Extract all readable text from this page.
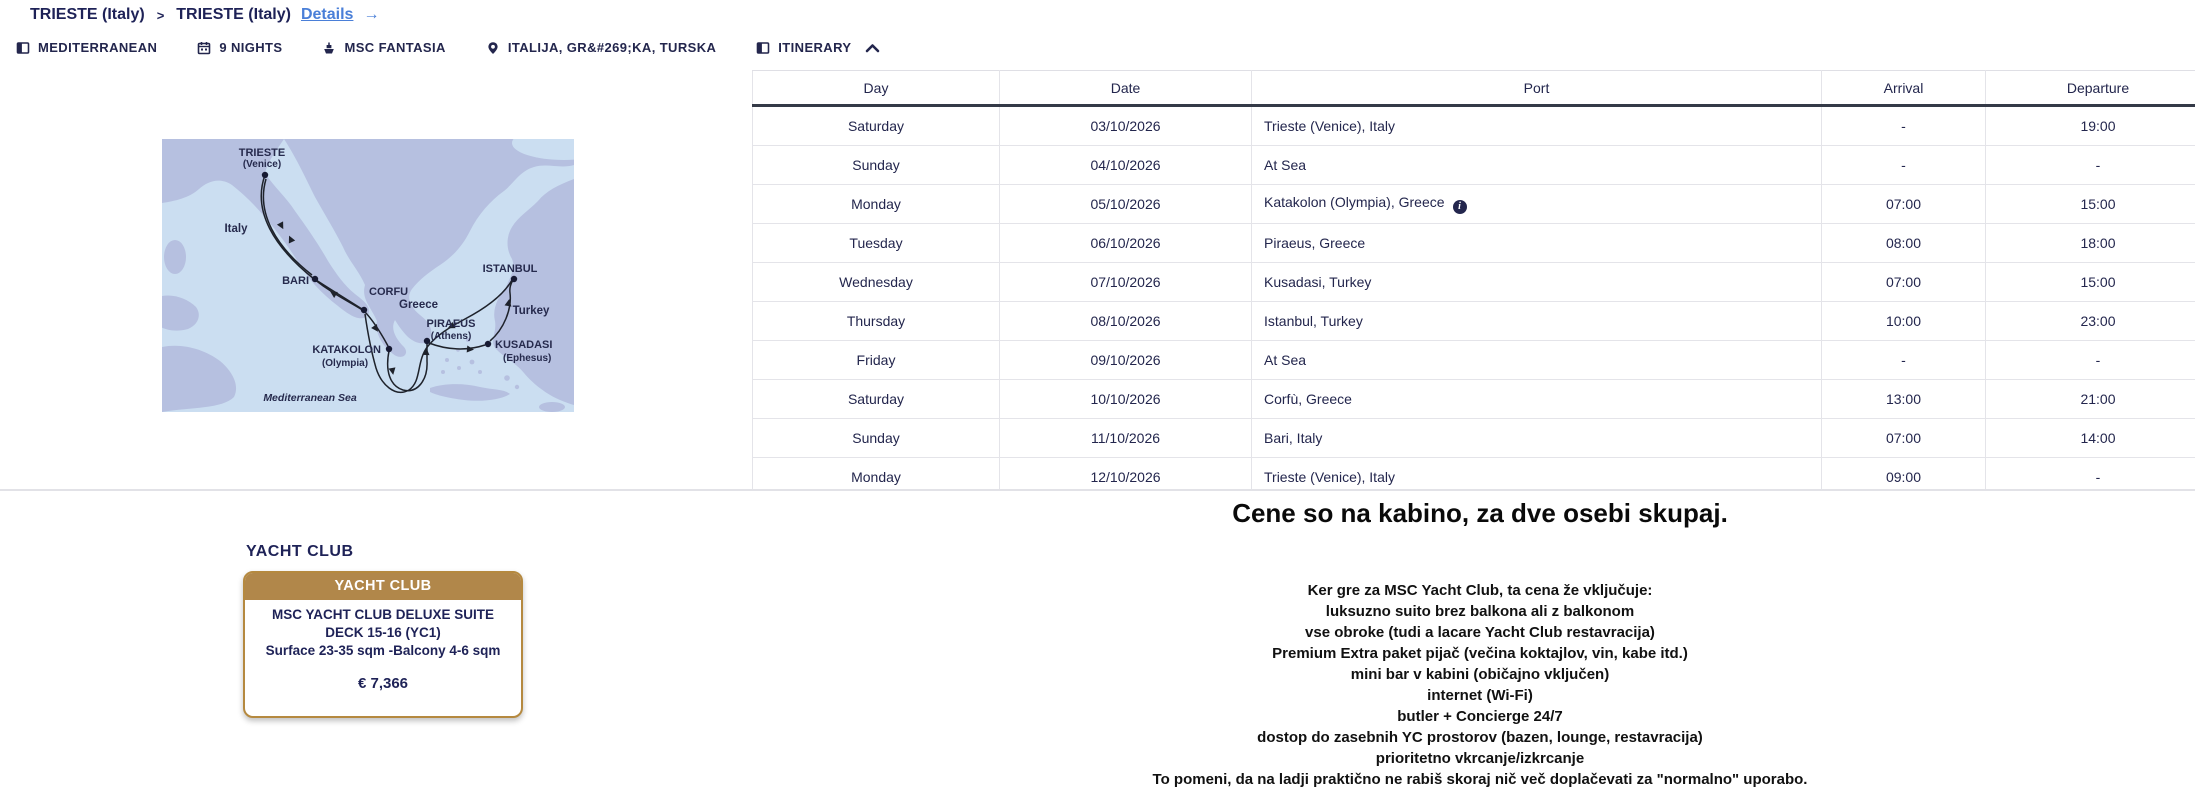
TRIESTE (Italy) > TRIESTE (Italy) Details →
MEDITERRANEAN	9 NIGHTS	MSC FANTASIA	ITALIJA, GR&#269;KA, TURSKA	ITINERARY
TRIESTE
(Venice)
Italy
BARI
CORFU
Greece
PIRAEUS
(Athens)
KATAKOLON
(Olympia)
ISTANBUL
Turkey
KUSADASI
(Ephesus)
Mediterranean Sea
Day	Date	Port	Arrival	Departure
Saturday	03/10/2026	Trieste (Venice), Italy	-	19:00
Sunday	04/10/2026	At Sea	-	-
Monday	05/10/2026	Katakolon (Olympia), Greece i	07:00	15:00
Tuesday	06/10/2026	Piraeus, Greece	08:00	18:00
Wednesday	07/10/2026	Kusadasi, Turkey	07:00	15:00
Thursday	08/10/2026	Istanbul, Turkey	10:00	23:00
Friday	09/10/2026	At Sea	-	-
Saturday	10/10/2026	Corfù, Greece	13:00	21:00
Sunday	11/10/2026	Bari, Italy	07:00	14:00
Monday	12/10/2026	Trieste (Venice), Italy	09:00	-
Cene so na kabino, za dve osebi skupaj.
YACHT CLUB
YACHT CLUB
MSC YACHT CLUB DELUXE SUITE DECK 15-16 (YC1)
Surface 23-35 sqm -Balcony 4-6 sqm
€ 7,366
Ker gre za MSC Yacht Club, ta cena že vključuje:
luksuzno suito brez balkona ali z balkonom
vse obroke (tudi a lacare Yacht Club restavracija)
Premium Extra paket pijač (večina koktajlov, vin, kabe itd.)
mini bar v kabini (običajno vključen)
internet (Wi-Fi)
butler + Concierge 24/7
dostop do zasebnih YC prostorov (bazen, lounge, restavracija)
prioritetno vkrcanje/izkrcanje
To pomeni, da na ladji praktično ne rabiš skoraj nič več doplačevati za "normalno" uporabo.
